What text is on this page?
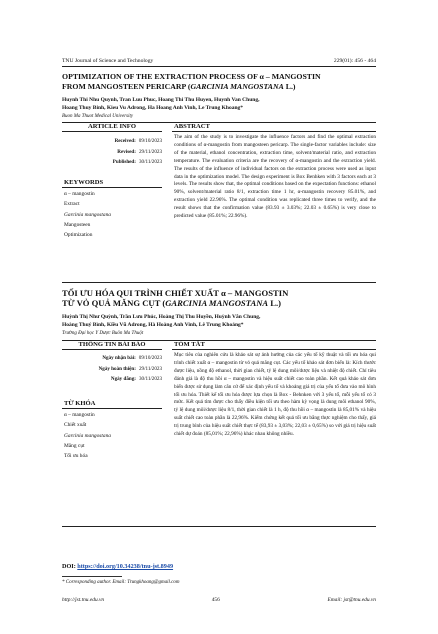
TNU Journal of Science and Technology	229(01): 456 - 464
OPTIMIZATION OF THE EXTRACTION PROCESS OF α – MANGOSTIN
FROM MANGOSTEEN PERICARP (GARCINIA MANGOSTANA L.)
Huynh Thi Nhu Quynh, Tran Luu Phuc, Hoang Thi Thu Huyen, Huynh Van Chung,
Hoang Thuy Binh, Kieu Vu Adrong, Ha Hoang Anh Vinh, Le Trung Khoang*
Buon Ma Thuot Medical University
ARTICLE INFO
Received: 09/10/2023
Revised: 29/11/2023
Published: 30/11/2023
KEYWORDS
α – mangostin
Extract
Garcinia mangostana
Mangosteen
Optimization
ABSTRACT
The aim of the study is to investigate the influence factors and find the optimal extraction conditions of α-mangostin from mangosteen pericarp. The single-factor variables include: size of the material, ethanol concentration, extraction time, solvent/material ratio, and extraction temperature. The evaluation criteria are the recovery of α-mangostin and the extraction yield. The results of the influence of individual factors on the extraction process were used as input data in the optimization model. The design experiment is Box Benhken with 3 factors each at 3 levels. The results show that, the optimal conditions based on the expectation functions: ethanol 90%, solvent/material ratio 8/1, extraction time 1 hr, α-mangostin recovery 85.01%, and extraction yield 22.96%. The optimal condition was replicated three times to verify, and the result shows that the confirmation value (83.93 ± 3.03%; 22.03 ± 0.65%) is very close to predicted value (85.01%; 22.96%).
TỐI ƯU HÓA QUI TRÌNH CHIẾT XUẤT α – MANGOSTIN
TỪ VỎ QUẢ MĂNG CỤT (GARCINIA MANGOSTANA L.)
Huỳnh Thị Như Quỳnh, Trần Lưu Phúc, Hoàng Thị Thu Huyền, Huỳnh Văn Chung,
Hoàng Thuý Bình, Kiều Vũ Adrong, Hà Hoàng Anh Vinh, Lê Trung Khoảng*
Trường Đại học Y Dược Buôn Ma Thuột
THÔNG TIN BÀI BÁO
Ngày nhận bài: 09/10/2023
Ngày hoàn thiện: 29/11/2023
Ngày đăng: 30/11/2023
TỪ KHÓA
α – mangostin
Chiết xuất
Garcinia mangostana
Măng cụt
Tối ưu hóa
TÓM TẮT
Mục tiêu của nghiên cứu là khảo sát sự ảnh hưởng của các yếu tố kỹ thuật và tối ưu hóa qui trình chiết xuất α – mangostin từ vỏ quả măng cụt. Các yếu tố khảo sát đơn biến là: Kích thước được liệu, nồng độ ethanol, thời gian chiết, tỷ lệ dung môi/dược liệu và nhiệt độ chiết. Chỉ tiêu đánh giá là độ thu hồi α – mangostin và hiệu suất chiết cao toàn phần. Kết quả khảo sát đơn biến được sử dụng làm căn cứ để xác định yếu tố và khoảng giá trị của yếu tố đưa vào mô hình tối ưu hóa. Thiết kế tối ưu hóa được lựa chọn là Box - Behnken với 3 yếu tố, mỗi yếu tố có 3 mức. Kết quả tìm được cho thấy điều kiện tối ưu theo hàm kỳ vọng là dung môi ethanol 90%, tỷ lệ dung môi/dược liệu 8/1, thời gian chiết là 1 h, độ thu hồi α – mangostin là 85,01% và hiệu suất chiết cao toàn phần là 22,96%. Kiểm chứng kết quả tối ưu bằng thực nghiệm cho thấy, giá trị trung bình của hiệu suất chiết thực tế (83,93 ± 3,03%; 22,03 ± 0,65%) so với giá trị hiệu suất chiết dự đoán (85,01%; 22,96%) khác nhau không nhiều.
DOI: https://doi.org/10.34238/tnu-jst.8949
* Corresponding author. Email: Trungkhoang@gmail.com
http://jst.tnu.edu.vn	456	Email: jst@tnu.edu.vn
